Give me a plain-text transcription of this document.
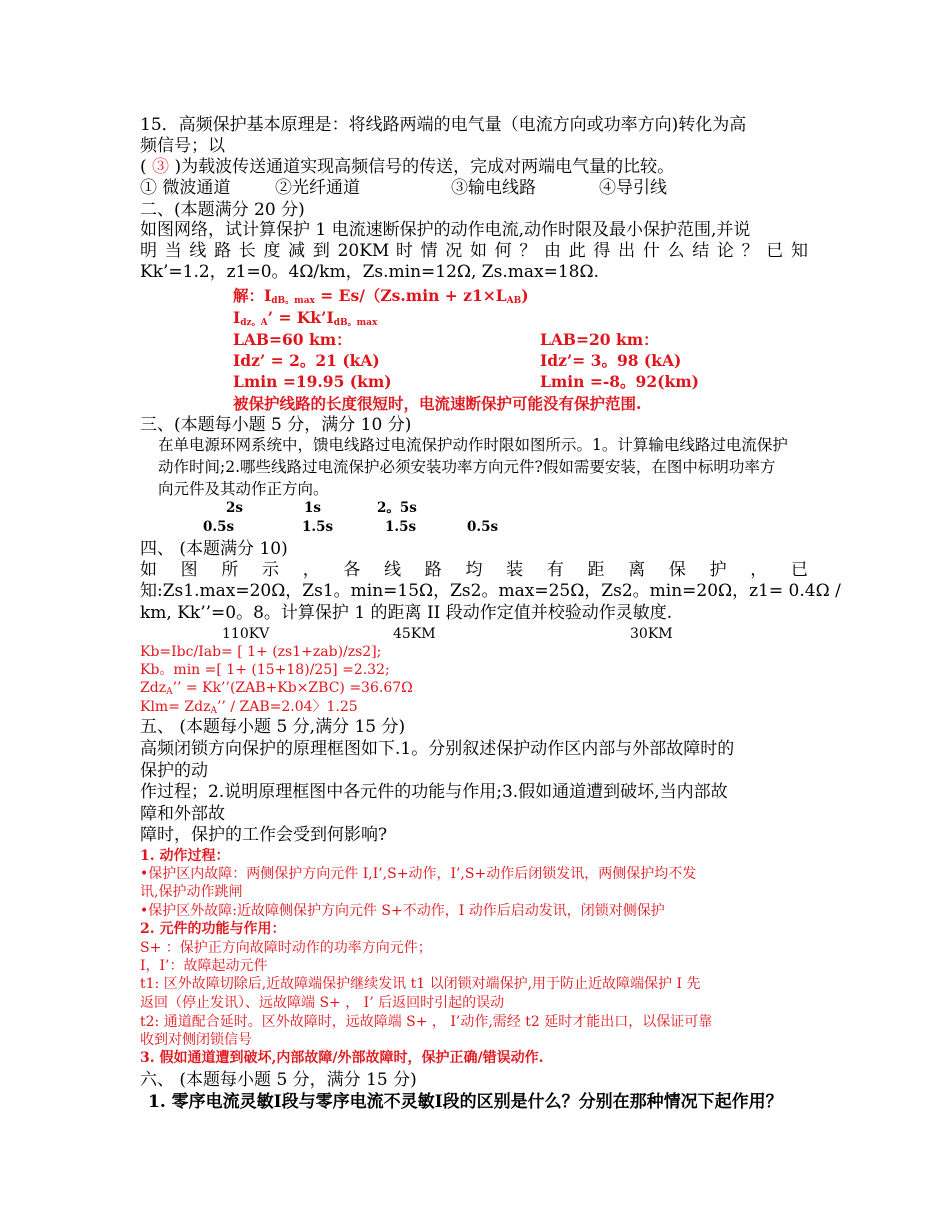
15．高频保护基本原理是：将线路两端的电气量（电流方向或功率方向)转化为高
频信号；以
( ③ )为载波传送通道实现高频信号的传送，完成对两端电气量的比较。
① 微波通道	②光纤通道	③输电线路	④导引线
二、(本题满分 20 分)
如图网络，试计算保护 1 电流速断保护的动作电流,动作时限及最小保护范围,并说
明 当 线 路 长 度 减 到 20KM 时 情 况 如 何 ？ 由 此 得 出 什 么 结 论 ？ 已 知
Kk’=1.2，z1=0。4Ω/km，Zs.min=12Ω, Zs.max=18Ω.
解：$I_{dB。max} = Es/(Zs.\min + z1\times L_{AB})$
$I_{dz。A}$’ = $Kk’I_{dB。max}$
LAB=60 km：	LAB=20 km：
Idz’ = 2。21 (kA)	Idz’= 3。98 (kA)
Lmin =19.95 (km)	Lmin =-8。92(km)
被保护线路的长度很短时，电流速断保护可能没有保护范围.
三、(本题每小题 5 分，满分 10 分)
在单电源环网系统中，馈电线路过电流保护动作时限如图所示。1。计算输电线路过电流保护
动作时间;2.哪些线路过电流保护必须安装功率方向元件?假如需要安装，在图中标明功率方
向元件及其动作正方向。
2s	1s	2。5s
0.5s	1.5s	1.5s	0.5s
四、 (本题满分 10)
如 图 所 示 ， 各 线 路 均 装 有 距 离 保 护 ， 已
知:Zs1.max=20Ω，Zs1。min=15Ω，Zs2。max=25Ω，Zs2。min=20Ω，z1= 0.4Ω /
km, Kk’’=0。8。计算保护 1 的距离 II 段动作定值并校验动作灵敏度.
110KV	45KM	30KM
Kb=Ibc/Iab= [ 1+ (zs1+zab)/zs2];
Kb。min =[ 1+ (15+18)/25] =2.32;
Zdz$_A$’’ = Kk’’(ZAB+Kb×ZBC) =36.67Ω
Klm= Zdz$_A$’’ / ZAB=2.04〉1.25
五、 (本题每小题 5 分,满分 15 分)
高频闭锁方向保护的原理框图如下.1。分别叙述保护动作区内部与外部故障时的
保护的动
作过程；2.说明原理框图中各元件的功能与作用;3.假如通道遭到破坏,当内部故
障和外部故
障时，保护的工作会受到何影响?
1. 动作过程：
•保护区内故障：两侧保护方向元件 I,I’,S+动作，I’,S+动作后闭锁发讯，两侧保护均不发
讯,保护动作跳闸
•保护区外故障:近故障侧保护方向元件 S+不动作，I 动作后启动发讯，闭锁对侧保护
2. 元件的功能与作用：
S+ ：保护正方向故障时动作的功率方向元件；
I，I’：故障起动元件
t1: 区外故障切除后,近故障端保护继续发讯 t1 以闭锁对端保护,用于防止近故障端保护 I 先
返回（停止发讯）、远故障端 S+ ， I’ 后返回时引起的误动
t2: 通道配合延时。区外故障时，远故障端 S+ ， I’动作,需经 t2 延时才能出口，以保证可靠
收到对侧闭锁信号
3. 假如通道遭到破坏,内部故障/外部故障时，保护正确/错误动作.
六、 (本题每小题 5 分，满分 15 分)
1. 零序电流灵敏Ⅰ段与零序电流不灵敏Ⅰ段的区别是什么？分别在那种情况下起作用？
